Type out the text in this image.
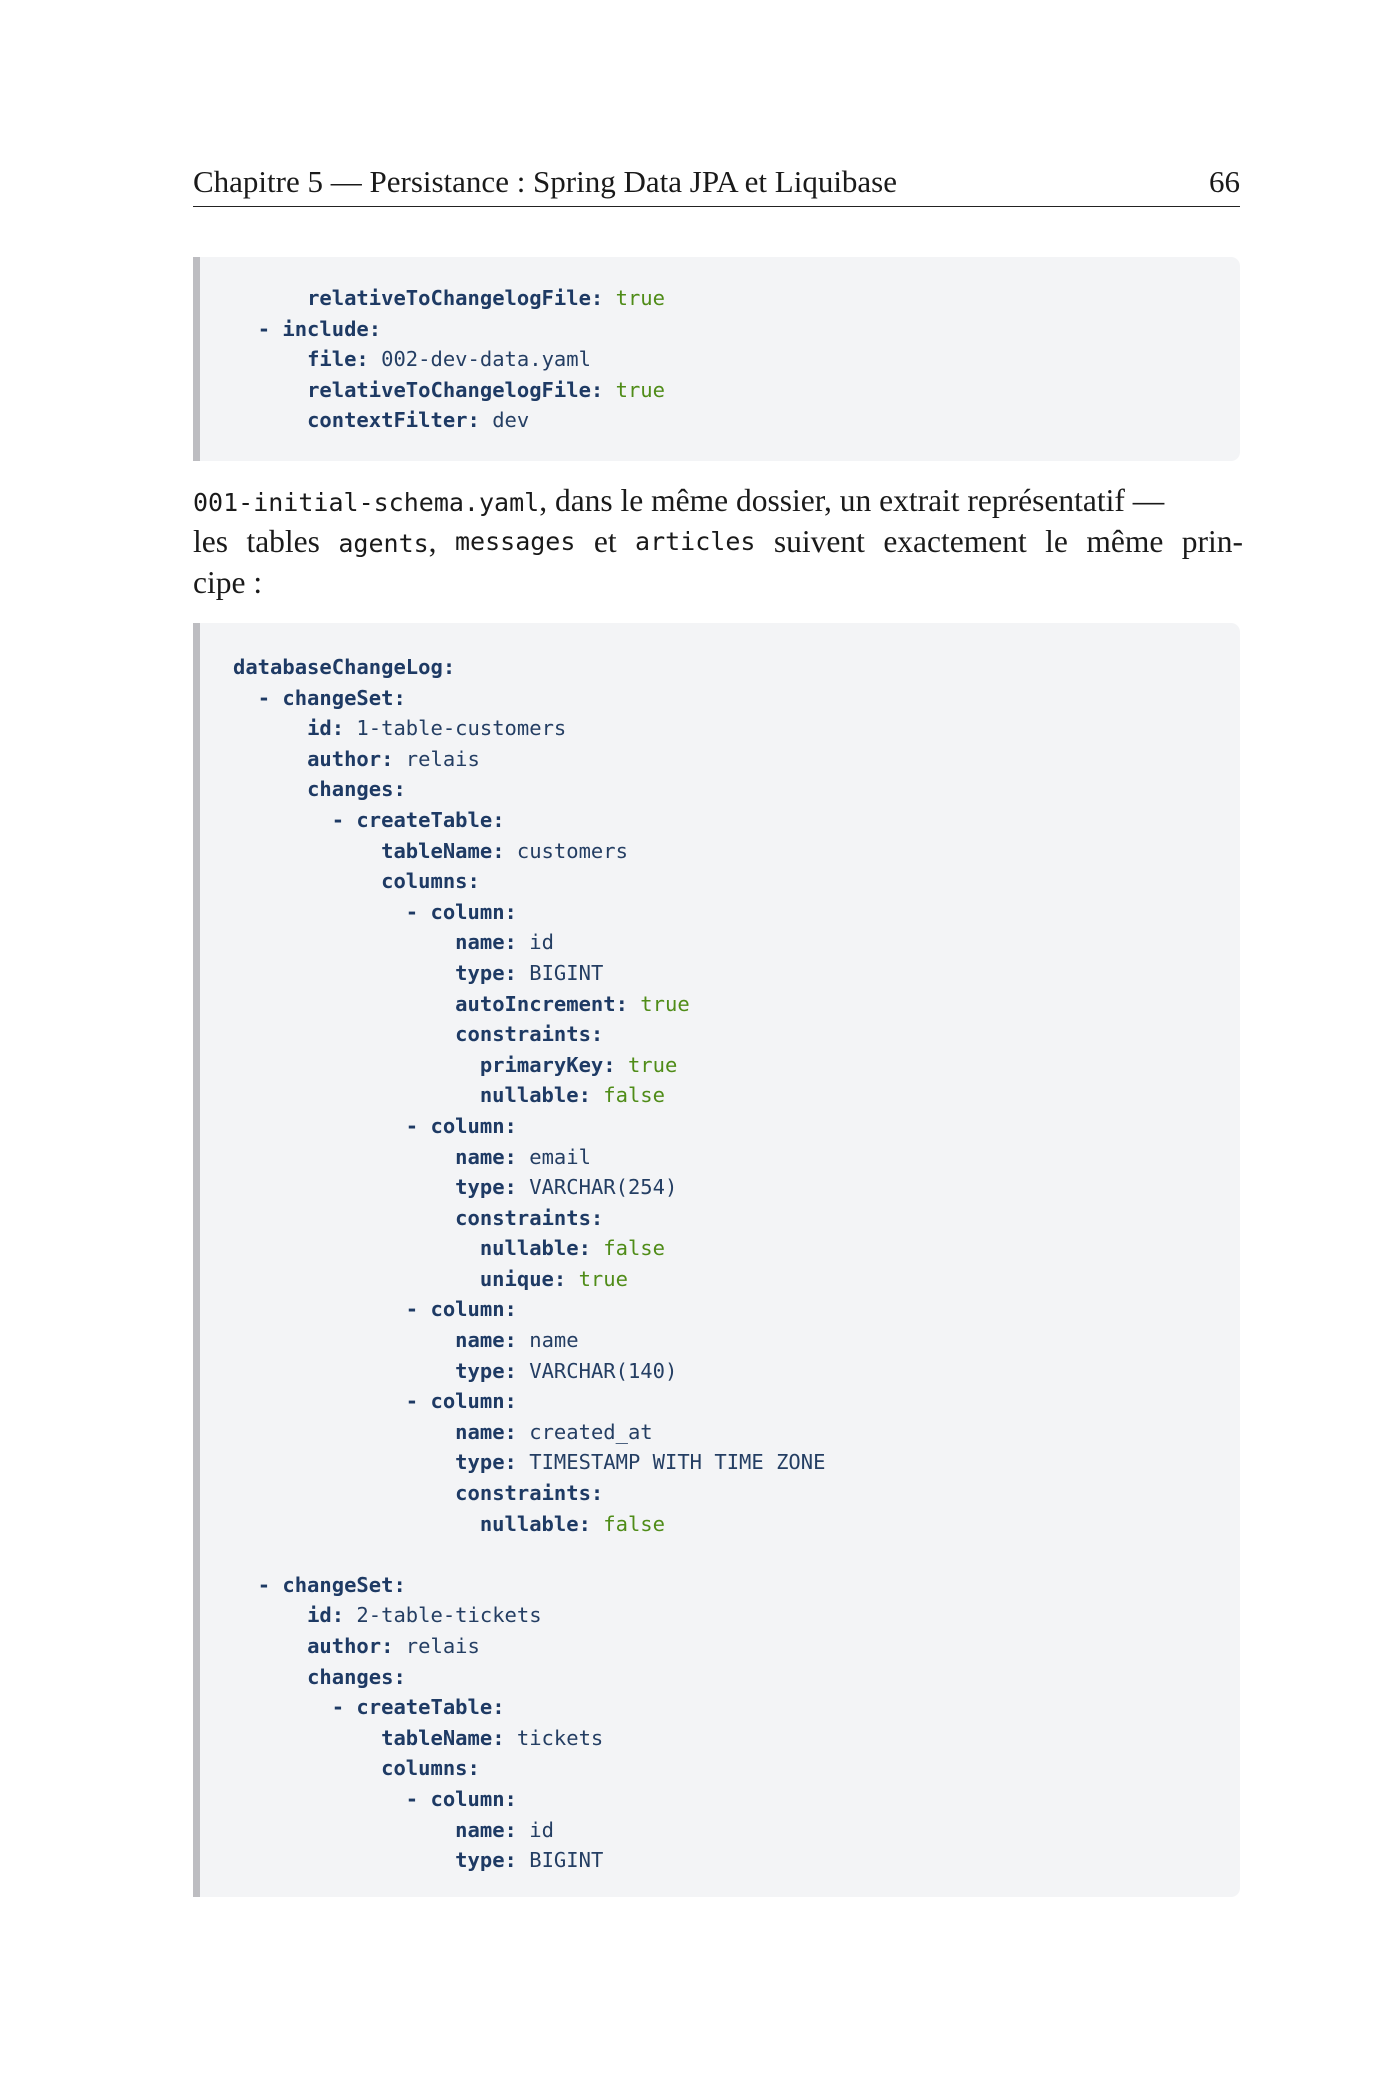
Chapitre 5 — Persistance : Spring Data JPA et Liquibase	66
relativeToChangelogFile: true
- include:
file: 002-dev-data.yaml
relativeToChangelogFile: true
contextFilter: dev
001-initial-schema.yaml, dans le même dossier, un extrait représentatif —
les tables agents, messages et articles suivent exactement le même prin-
cipe :
databaseChangeLog:
- changeSet:
id: 1-table-customers
author: relais
changes:
- createTable:
tableName: customers
columns:
- column:
name: id
type: BIGINT
autoIncrement: true
constraints:
primaryKey: true
nullable: false
- column:
name: email
type: VARCHAR(254)
constraints:
nullable: false
unique: true
- column:
name: name
type: VARCHAR(140)
- column:
name: created_at
type: TIMESTAMP WITH TIME ZONE
constraints:
nullable: false
- changeSet:
id: 2-table-tickets
author: relais
changes:
- createTable:
tableName: tickets
columns:
- column:
name: id
type: BIGINT
